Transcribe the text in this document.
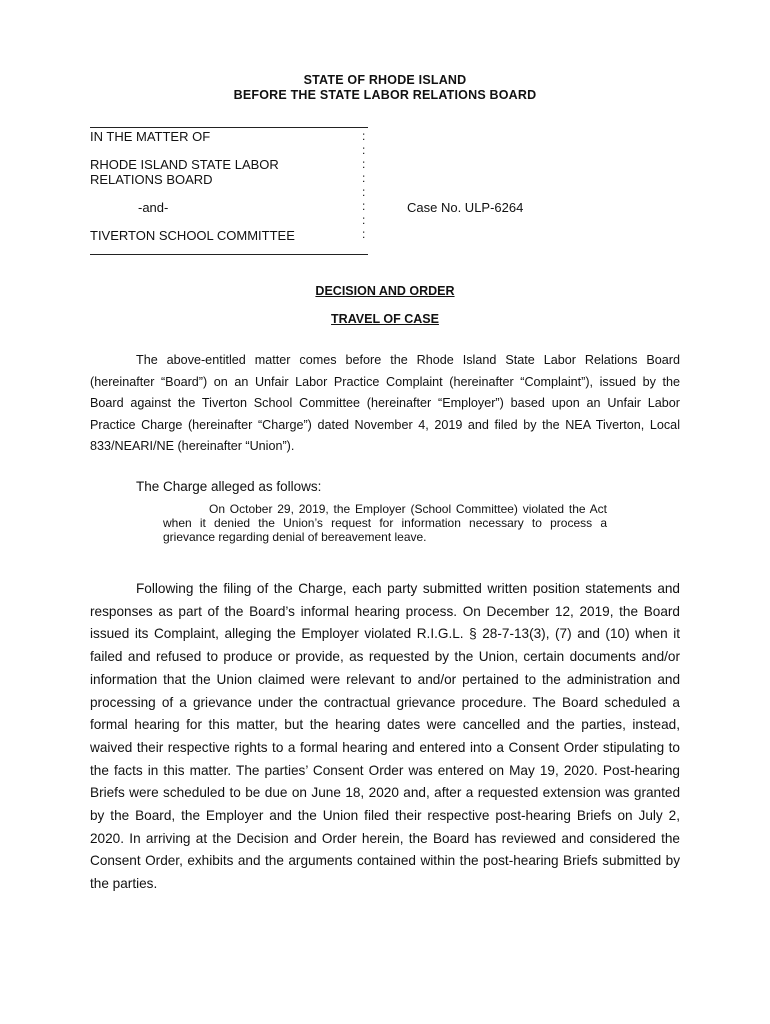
STATE OF RHODE ISLAND
BEFORE THE STATE LABOR RELATIONS BOARD
IN THE MATTER OF
RHODE ISLAND STATE LABOR
RELATIONS BOARD
-and-
TIVERTON SCHOOL COMMITTEE
:
:
:
:
:
:
:
:
Case No. ULP-6264
DECISION AND ORDER
TRAVEL OF CASE
The above-entitled matter comes before the Rhode Island State Labor Relations Board (hereinafter “Board”) on an Unfair Labor Practice Complaint (hereinafter “Complaint”), issued by the Board against the Tiverton School Committee (hereinafter “Employer”) based upon an Unfair Labor Practice Charge (hereinafter “Charge”) dated November 4, 2019 and filed by the NEA Tiverton, Local 833/NEARI/NE (hereinafter “Union”).
The Charge alleged as follows:
On October 29, 2019, the Employer (School Committee) violated the Act when it denied the Union’s request for information necessary to process a grievance regarding denial of bereavement leave.
Following the filing of the Charge, each party submitted written position statements and responses as part of the Board’s informal hearing process. On December 12, 2019, the Board issued its Complaint, alleging the Employer violated R.I.G.L. § 28-7-13(3), (7) and (10) when it failed and refused to produce or provide, as requested by the Union, certain documents and/or information that the Union claimed were relevant to and/or pertained to the administration and processing of a grievance under the contractual grievance procedure. The Board scheduled a formal hearing for this matter, but the hearing dates were cancelled and the parties, instead, waived their respective rights to a formal hearing and entered into a Consent Order stipulating to the facts in this matter. The parties’ Consent Order was entered on May 19, 2020. Post-hearing Briefs were scheduled to be due on June 18, 2020 and, after a requested extension was granted by the Board, the Employer and the Union filed their respective post-hearing Briefs on July 2, 2020. In arriving at the Decision and Order herein, the Board has reviewed and considered the Consent Order, exhibits and the arguments contained within the post-hearing Briefs submitted by the parties.
